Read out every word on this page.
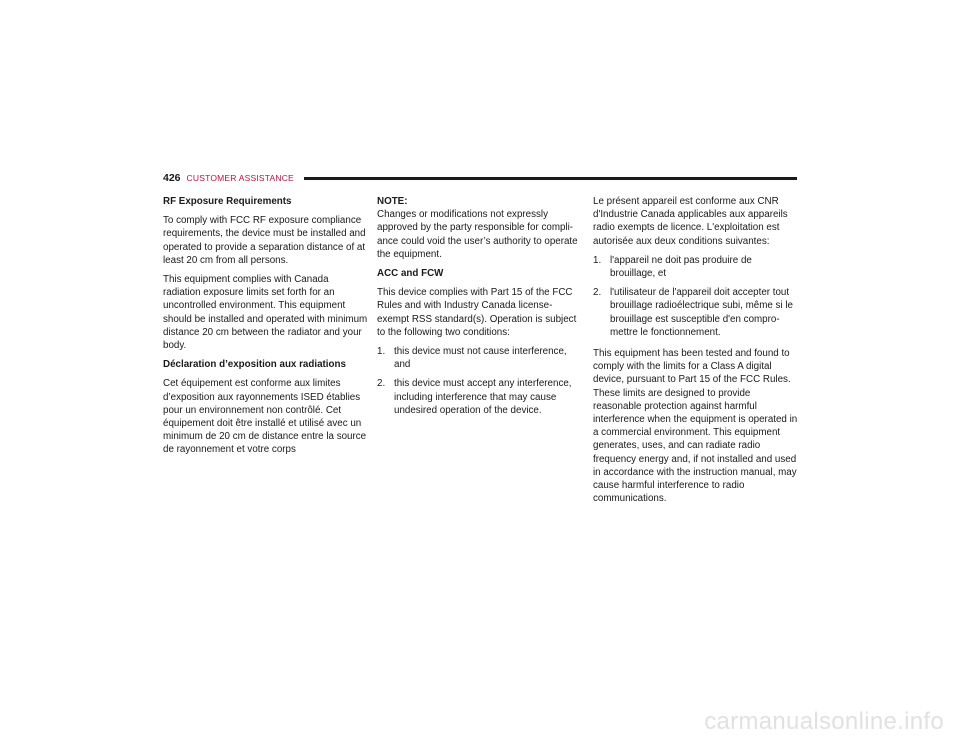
426 CUSTOMER ASSISTANCE

RF Exposure Requirements

To comply with FCC RF exposure compliance requirements, the device must be installed and operated to provide a separation distance of at least 20 cm from all persons.

This equipment complies with Canada radiation exposure limits set forth for an uncontrolled environment. This equipment should be installed and operated with minimum distance 20 cm between the radiator and your body.

Déclaration d’exposition aux radiations

Cet équipement est conforme aux limites d’exposition aux rayonnements ISED établies pour un environnement non contrôlé. Cet équipement doit être installé et utilisé avec un minimum de 20 cm de distance entre la source de rayonnement et votre corps

NOTE:

Changes or modifications not expressly approved by the party responsible for compli-ance could void the user’s authority to operate the equipment.

ACC and FCW

This device complies with Part 15 of the FCC Rules and with Industry Canada license-exempt RSS standard(s). Operation is subject to the following two conditions:

1. this device must not cause interference, and
2. this device must accept any interference, including interference that may cause undesired operation of the device.

Le présent appareil est conforme aux CNR d'Industrie Canada applicables aux appareils radio exempts de licence. L'exploitation est autorisée aux deux conditions suivantes:

1. l'appareil ne doit pas produire de brouillage, et
2. l'utilisateur de l'appareil doit accepter tout brouillage radioélectrique subi, même si le brouillage est susceptible d'en compro-mettre le fonctionnement.

This equipment has been tested and found to comply with the limits for a Class A digital device, pursuant to Part 15 of the FCC Rules. These limits are designed to provide reasonable protection against harmful interference when the equipment is operated in a commercial environment. This equipment generates, uses, and can radiate radio frequency energy and, if not installed and used in accordance with the instruction manual, may cause harmful interference to radio communications.

carmanualsonline.info
